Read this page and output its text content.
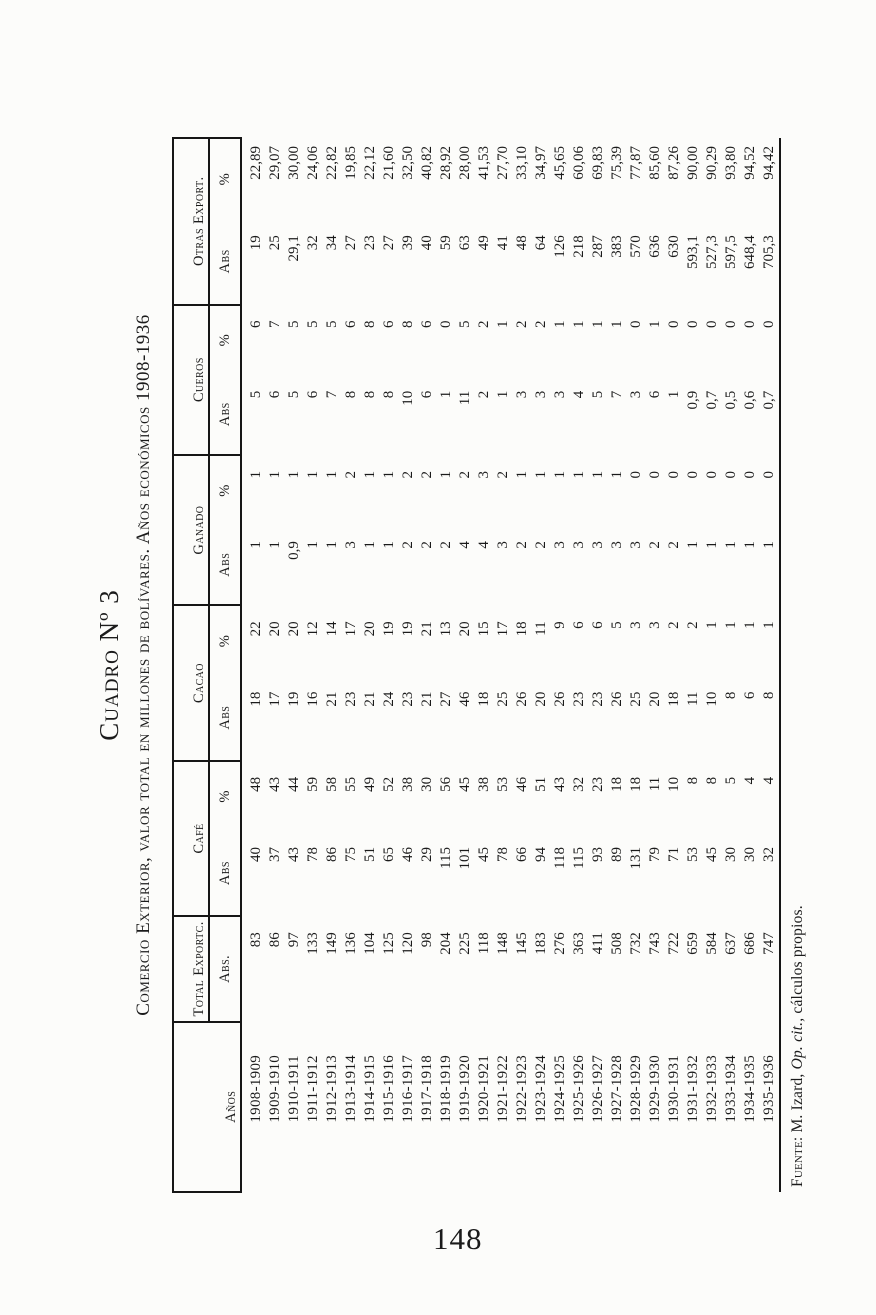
Cuadro Nº 3 Comercio Exterior, valor total en millones de bolívares. Años económicos 1908-1936
Años	Total Exportc.	Café		Cacao		Ganado		Cueros		Otras Export.	
	Abs.	Abs	%	Abs	%	Abs	%	Abs	%	Abs	%
1908-1909	83	40	48	18	22	1	1	5	6	19	22,89
1909-1910	86	37	43	17	20	1	1	6	7	25	29,07
1910-1911	97	43	44	19	20	0,9	1	5	5	29,1	30,00
1911-1912	133	78	59	16	12	1	1	6	5	32	24,06
1912-1913	149	86	58	21	14	1	1	7	5	34	22,82
1913-1914	136	75	55	23	17	3	2	8	6	27	19,85
1914-1915	104	51	49	21	20	1	1	8	8	23	22,12
1915-1916	125	65	52	24	19	1	1	8	6	27	21,60
1916-1917	120	46	38	23	19	2	2	10	8	39	32,50
1917-1918	98	29	30	21	21	2	2	6	6	40	40,82
1918-1919	204	115	56	27	13	2	1	1	0	59	28,92
1919-1920	225	101	45	46	20	4	2	11	5	63	28,00
1920-1921	118	45	38	18	15	4	3	2	2	49	41,53
1921-1922	148	78	53	25	17	3	2	1	1	41	27,70
1922-1923	145	66	46	26	18	2	1	3	2	48	33,10
1923-1924	183	94	51	20	11	2	1	3	2	64	34,97
1924-1925	276	118	43	26	9	3	1	3	1	126	45,65
1925-1926	363	115	32	23	6	3	1	4	1	218	60,06
1926-1927	411	93	23	23	6	3	1	5	1	287	69,83
1927-1928	508	89	18	26	5	3	1	7	1	383	75,39
1928-1929	732	131	18	25	3	3	0	3	0	570	77,87
1929-1930	743	79	11	20	3	2	0	6	1	636	85,60
1930-1931	722	71	10	18	2	2	0	1	0	630	87,26
1931-1932	659	53	8	11	2	1	0	0,9	0	593,1	90,00
1932-1933	584	45	8	10	1	1	0	0,7	0	527,3	90,29
1933-1934	637	30	5	8	1	1	0	0,5	0	597,5	93,80
1934-1935	686	30	4	6	1	1	0	0,6	0	648,4	94,52
1935-1936	747	32	4	8	1	1	0	0,7	0	705,3	94,42
Fuente: M. Izard, Op. cit., cálculos propios.
148
